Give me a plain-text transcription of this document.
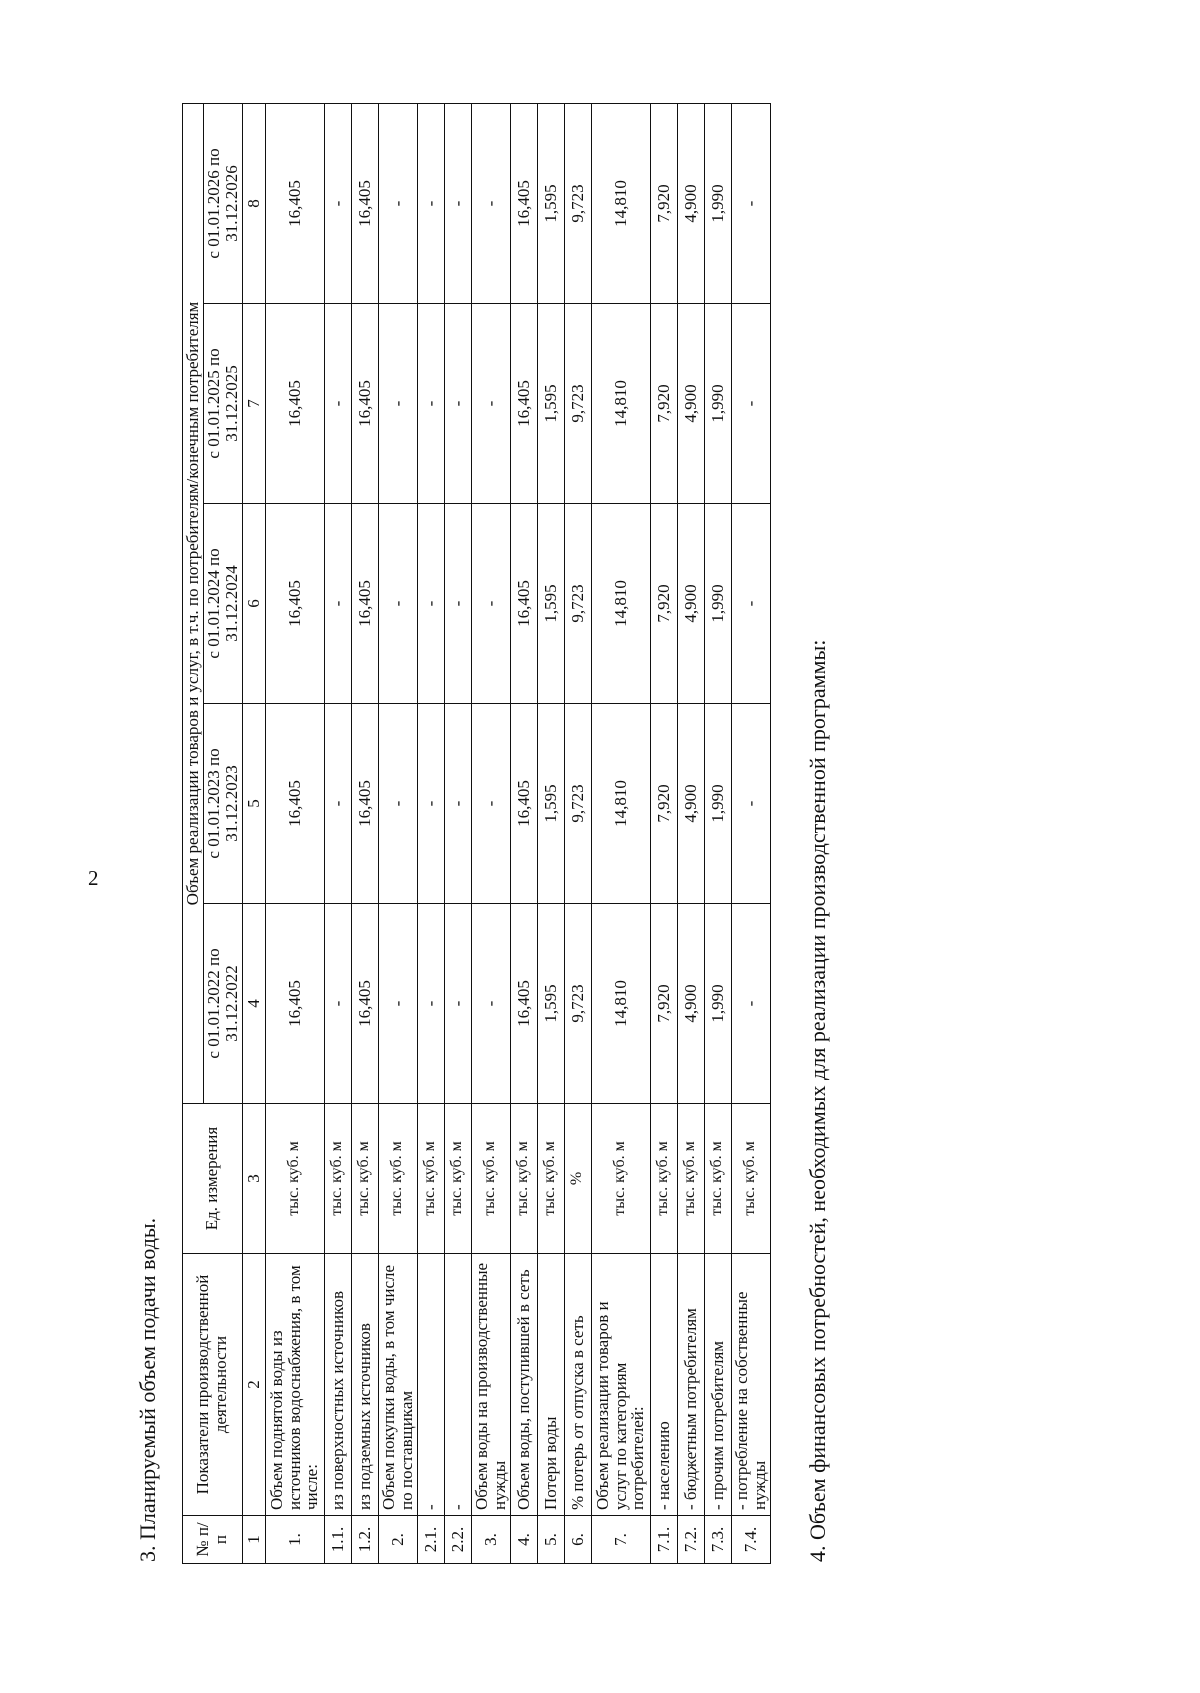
2
3. Планируемый объем подачи воды. № п/п	Показатели производственной деятельности	Ед. измерения	Объем реализации товаров и услуг, в т.ч. по потребителям/конечным потребителям				
			с 01.01.2022 по 31.12.2022	с 01.01.2023 по 31.12.2023	с 01.01.2024 по 31.12.2024	с 01.01.2025 по 31.12.2025	с 01.01.2026 по 31.12.2026
1	2	3	4	5	6	7	8
1.	Объем поднятой воды из источников водоснабжения, в том числе:	тыс. куб. м	16,405	16,405	16,405	16,405	16,405
1.1.	из поверхностных источников	тыс. куб. м	-	-	-	-	-
1.2.	из подземных источников	тыс. куб. м	16,405	16,405	16,405	16,405	16,405
2.	Объем покупки воды, в том числе по поставщикам	тыс. куб. м	-	-	-	-	-
2.1.	-	тыс. куб. м	-	-	-	-	-
2.2.	-	тыс. куб. м	-	-	-	-	-
3.	Объем воды на производственные нужды	тыс. куб. м	-	-	-	-	-
4.	Объем воды, поступившей в сеть	тыс. куб. м	16,405	16,405	16,405	16,405	16,405
5.	Потери воды	тыс. куб. м	1,595	1,595	1,595	1,595	1,595
6.	% потерь от отпуска в сеть	%	9,723	9,723	9,723	9,723	9,723
7.	Объем реализации товаров и услуг по категориям потребителей:	тыс. куб. м	14,810	14,810	14,810	14,810	14,810
7.1.	- населению	тыс. куб. м	7,920	7,920	7,920	7,920	7,920
7.2.	- бюджетным потребителям	тыс. куб. м	4,900	4,900	4,900	4,900	4,900
7.3.	- прочим потребителям	тыс. куб. м	1,990	1,990	1,990	1,990	1,990
7.4.	- потребление на собственные нужды	тыс. куб. м	-	-	-	-	-
4. Объем финансовых потребностей, необходимых для реализации производственной программы:
